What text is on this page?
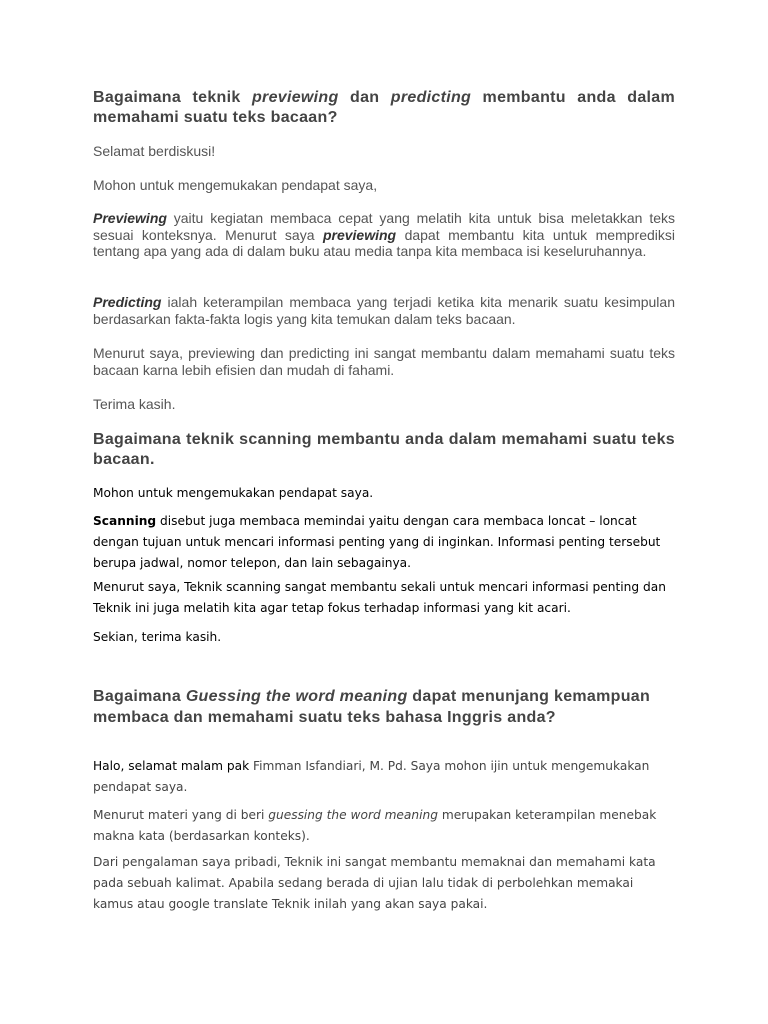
Bagaimana teknik previewing dan predicting membantu anda dalam memahami suatu teks bacaan?

Selamat berdiskusi!

Mohon untuk mengemukakan pendapat saya,

Previewing yaitu kegiatan membaca cepat yang melatih kita untuk bisa meletakkan teks sesuai konteksnya. Menurut saya previewing dapat membantu kita untuk memprediksi tentang apa yang ada di dalam buku atau media tanpa kita membaca isi keseluruhannya.

Predicting ialah keterampilan membaca yang terjadi ketika kita menarik suatu kesimpulan berdasarkan fakta-fakta logis yang kita temukan dalam teks bacaan.

Menurut saya, previewing dan predicting ini sangat membantu dalam memahami suatu teks bacaan karna lebih efisien dan mudah di fahami.

Terima kasih.

Bagaimana teknik scanning membantu anda dalam memahami suatu teks bacaan.

Mohon untuk mengemukakan pendapat saya.

Scanning disebut juga membaca memindai yaitu dengan cara membaca loncat – loncat dengan tujuan untuk mencari informasi penting yang di inginkan. Informasi penting tersebut berupa jadwal, nomor telepon, dan lain sebagainya.

Menurut saya, Teknik scanning sangat membantu sekali untuk mencari informasi penting dan Teknik ini juga melatih kita agar tetap fokus terhadap informasi yang kit acari.

Sekian, terima kasih.

Bagaimana Guessing the word meaning dapat menunjang kemampuan membaca dan memahami suatu teks bahasa Inggris anda?

Halo, selamat malam pak Fimman Isfandiari, M. Pd. Saya mohon ijin untuk mengemukakan pendapat saya.

Menurut materi yang di beri guessing the word meaning merupakan keterampilan menebak makna kata (berdasarkan konteks).

Dari pengalaman saya pribadi, Teknik ini sangat membantu memaknai dan memahami kata pada sebuah kalimat. Apabila sedang berada di ujian lalu tidak di perbolehkan memakai kamus atau google translate Teknik inilah yang akan saya pakai.
